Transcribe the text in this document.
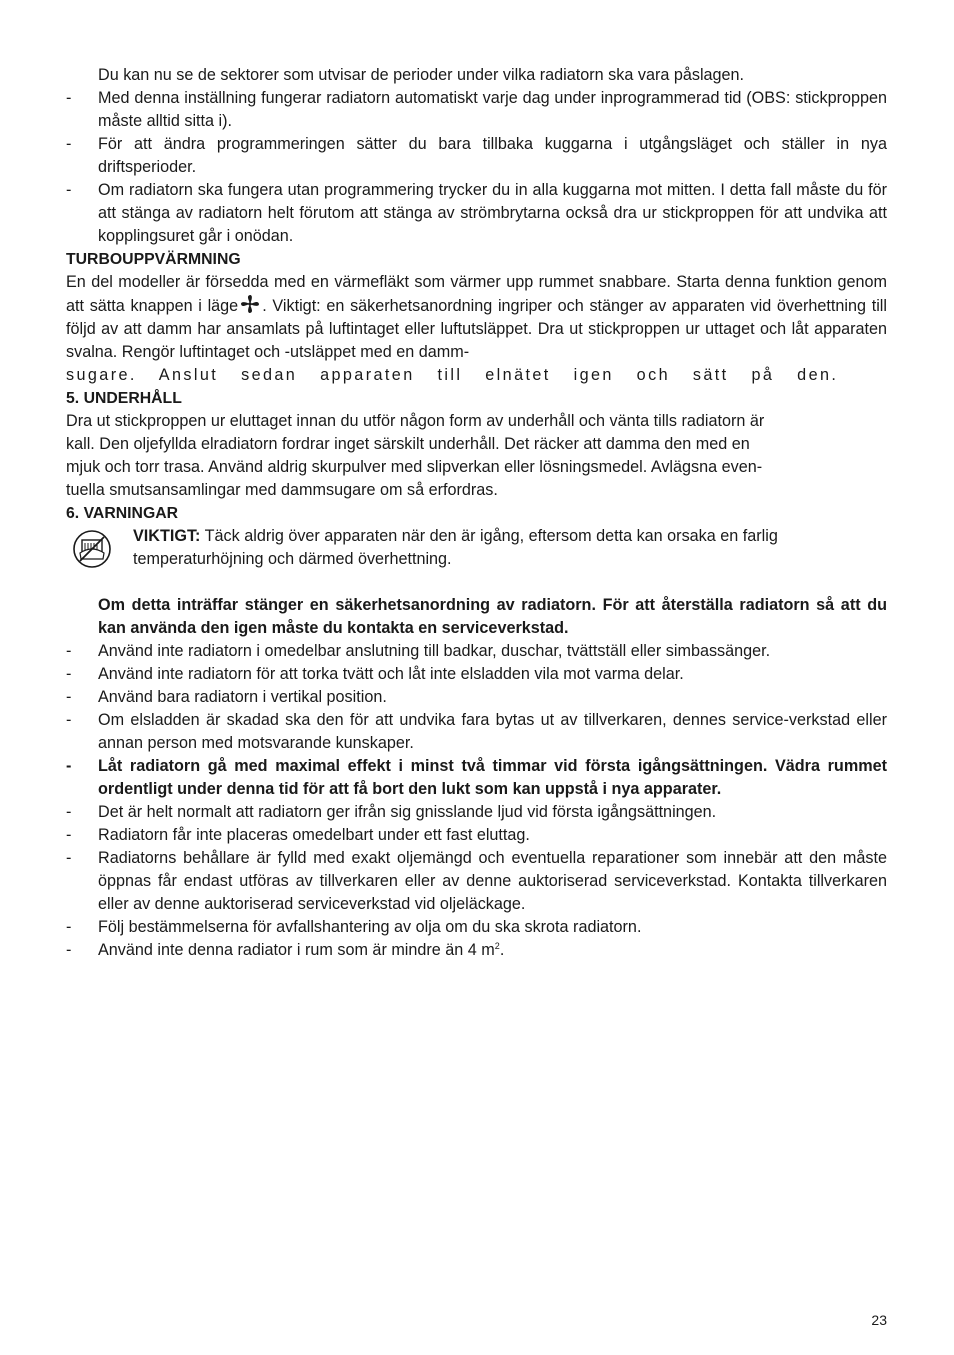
Du kan nu se de sektorer som utvisar de perioder under vilka radiatorn ska vara påslagen.

- Med denna inställning fungerar radiatorn automatiskt varje dag under inprogrammerad tid (OBS: stickproppen måste alltid sitta i).

- För att ändra programmeringen sätter du bara tillbaka kuggarna i utgångsläget och ställer in nya driftsperioder.

- Om radiatorn ska fungera utan programmering trycker du in alla kuggarna mot mitten. I detta fall måste du för att stänga av radiatorn helt förutom att stänga av strömbrytarna också dra ur stickproppen för att undvika att kopplingsuret går i onödan.

TURBOUPPVÄRMNING

En del modeller är försedda med en värmefläkt som värmer upp rummet snabbare. Starta denna funktion genom att sätta knappen i läge . Viktigt: en säkerhetsanordning ingriper och stänger av apparaten vid överhettning till följd av att damm har ansamlats på luftintaget eller luftutsläppet. Dra ut stickproppen ur uttaget och låt apparaten svalna. Rengör luftintaget och -utsläppet med en damm-

sugare. Anslut sedan apparaten till elnätet igen och sätt på den.

5. UNDERHÅLL

Dra ut stickproppen ur eluttaget innan du utför någon form av underhåll och vänta tills radiatorn är

kall. Den oljefyllda elradiatorn fordrar inget särskilt underhåll. Det räcker att damma den med en

mjuk och torr trasa. Använd aldrig skurpulver med slipverkan eller lösningsmedel. Avlägsna even-

tuella smutsansamlingar med dammsugare om så erfordras.

6. VARNINGAR

VIKTIGT: Täck aldrig över apparaten när den är igång, eftersom detta kan orsaka en farlig temperaturhöjning och därmed överhettning.

Om detta inträffar stänger en säkerhetsanordning av radiatorn. För att återställa radiatorn så att du kan använda den igen måste du kontakta en serviceverkstad.

- Använd inte radiatorn i omedelbar anslutning till badkar, duschar, tvättställ eller simbassänger.

- Använd inte radiatorn för att torka tvätt och låt inte elsladden vila mot varma delar.

- Använd bara radiatorn i vertikal position.

- Om elsladden är skadad ska den för att undvika fara bytas ut av tillverkaren, dennes service-verkstad eller annan person med motsvarande kunskaper.

- Låt radiatorn gå med maximal effekt i minst två timmar vid första igångsättningen. Vädra rummet ordentligt under denna tid för att få bort den lukt som kan uppstå i nya apparater.

- Det är helt normalt att radiatorn ger ifrån sig gnisslande ljud vid första igångsättningen.

- Radiatorn får inte placeras omedelbart under ett fast eluttag.

- Radiatorns behållare är fylld med exakt oljemängd och eventuella reparationer som innebär att den måste öppnas får endast utföras av tillverkaren eller av denne auktoriserad serviceverkstad. Kontakta tillverkaren eller av denne auktoriserad serviceverkstad vid oljeläckage.

- Följ bestämmelserna för avfallshantering av olja om du ska skrota radiatorn.

- Använd inte denna radiator i rum som är mindre än 4 $m^2$.

23
